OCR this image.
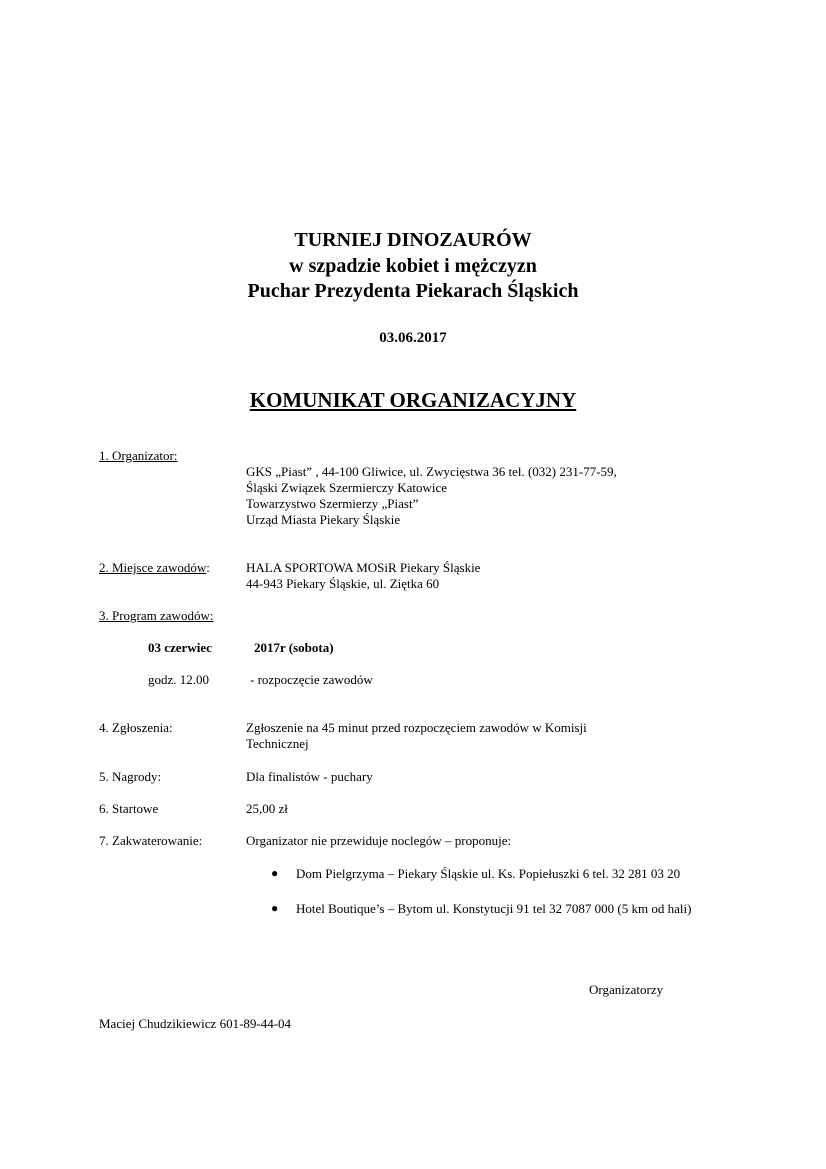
TURNIEJ DINOZAURÓW
w szpadzie kobiet i mężczyzn
Puchar Prezydenta Piekarach Śląskich
03.06.2017
KOMUNIKAT ORGANIZACYJNY
1. Organizator:
GKS „Piast” , 44-100 Gliwice, ul. Zwycięstwa 36 tel. (032) 231-77-59,
Śląski Związek Szermierczy Katowice
Towarzystwo Szermierzy „Piast”
Urząd Miasta Piekary Śląskie
2. Miejsce zawodów:	HALA SPORTOWA MOSiR Piekary Śląskie
44-943 Piekary Śląskie, ul. Ziętka 60
3. Program zawodów:
03 czerwiec	2017r (sobota)
godz. 12.00	- rozpoczęcie zawodów
4. Zgłoszenia:	Zgłoszenie na 45 minut przed rozpoczęciem zawodów w Komisji
Technicznej
5. Nagrody:	Dla finalistów - puchary
6. Startowe	25,00 zł
7. Zakwaterowanie:	Organizator nie przewiduje noclegów – proponuje:
● Dom Pielgrzyma – Piekary Śląskie ul. Ks. Popiełuszki 6 tel. 32 281 03 20
● Hotel Boutique’s – Bytom ul. Konstytucji 91 tel 32 7087 000 (5 km od hali)
Organizatorzy
Maciej Chudzikiewicz 601-89-44-04
